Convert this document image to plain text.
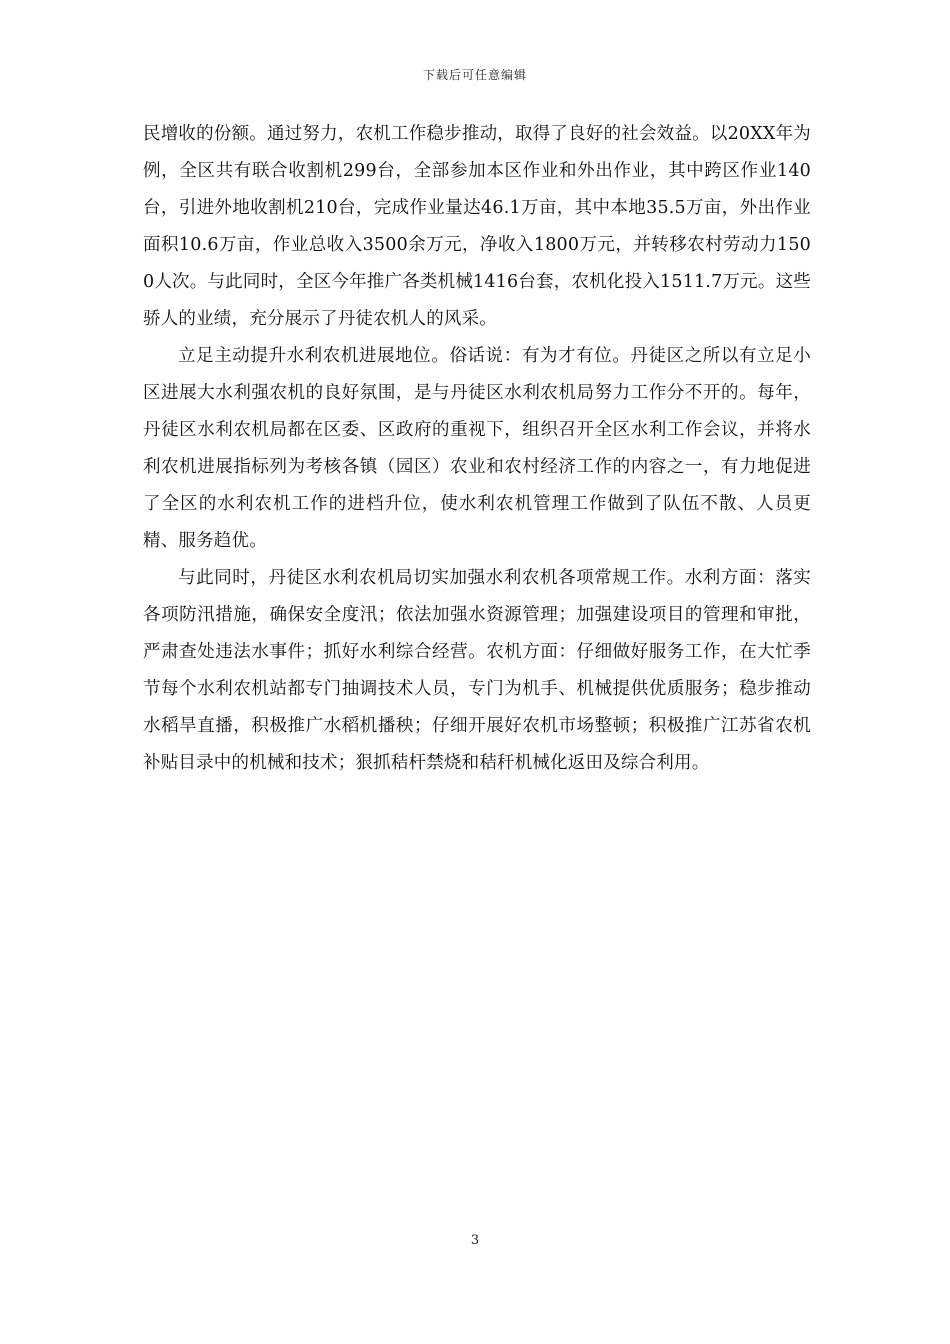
下载后可任意编辑

民增收的份额。通过努力，农机工作稳步推动，取得了良好的社会效益。以20XX年为例，全区共有联合收割机299台，全部参加本区作业和外出作业，其中跨区作业140台，引进外地收割机210台，完成作业量达46.1万亩，其中本地35.5万亩，外出作业面积10.6万亩，作业总收入3500余万元，净收入1800万元，并转移农村劳动力1500人次。与此同时，全区今年推广各类机械1416台套，农机化投入1511.7万元。这些骄人的业绩，充分展示了丹徒农机人的风采。

立足主动提升水利农机进展地位。俗话说：有为才有位。丹徒区之所以有立足小区进展大水利强农机的良好氛围，是与丹徒区水利农机局努力工作分不开的。每年，丹徒区水利农机局都在区委、区政府的重视下，组织召开全区水利工作会议，并将水利农机进展指标列为考核各镇（园区）农业和农村经济工作的内容之一，有力地促进了全区的水利农机工作的进档升位，使水利农机管理工作做到了队伍不散、人员更精、服务趋优。

与此同时，丹徒区水利农机局切实加强水利农机各项常规工作。水利方面：落实各项防汛措施，确保安全度汛；依法加强水资源管理；加强建设项目的管理和审批，严肃查处违法水事件；抓好水利综合经营。农机方面：仔细做好服务工作，在大忙季节每个水利农机站都专门抽调技术人员，专门为机手、机械提供优质服务；稳步推动水稻旱直播，积极推广水稻机播秧；仔细开展好农机市场整顿；积极推广江苏省农机补贴目录中的机械和技术；狠抓秸杆禁烧和秸秆机械化返田及综合利用。

3
